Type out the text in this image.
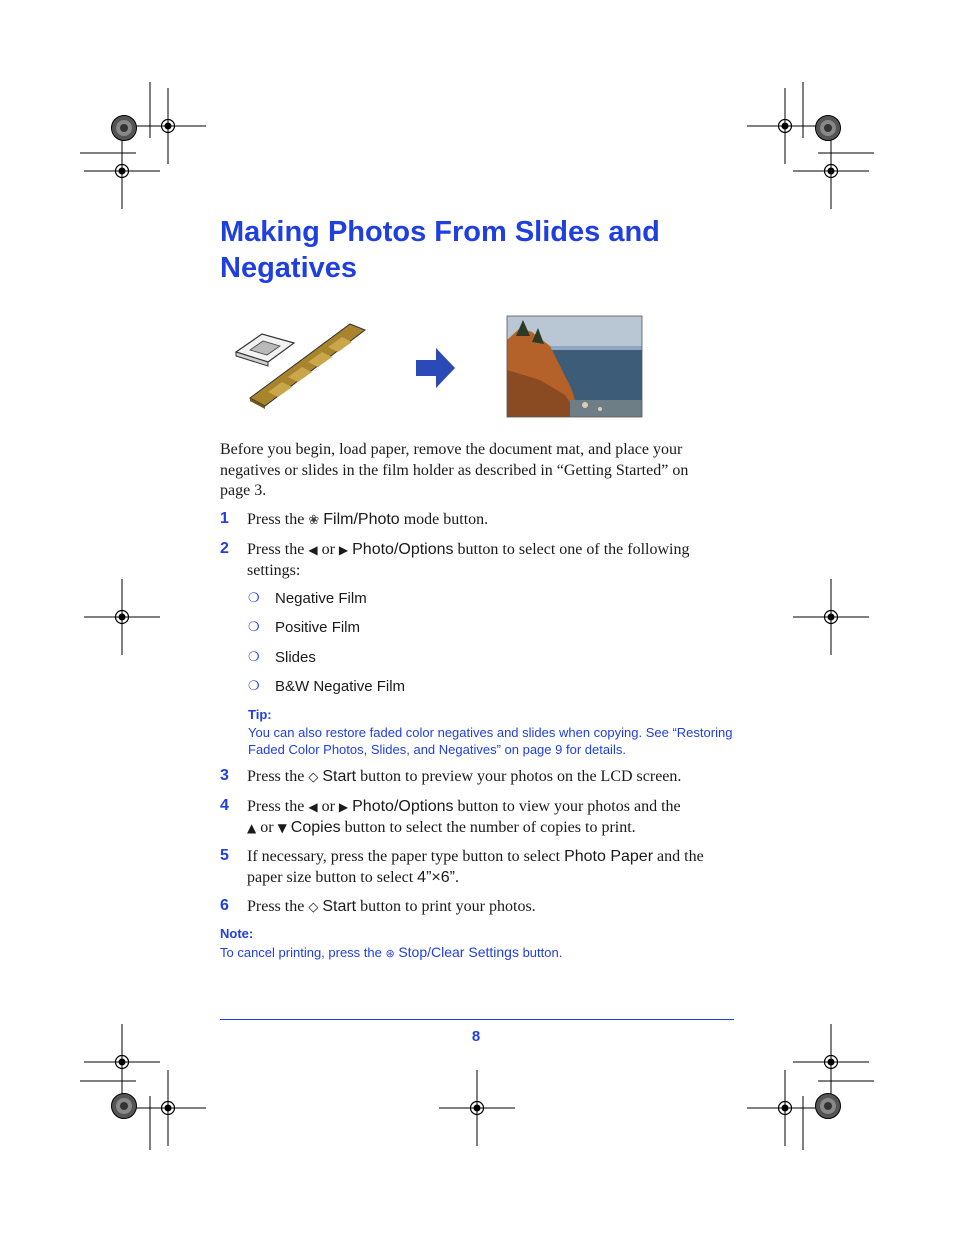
Making Photos From Slides and Negatives
Before you begin, load paper, remove the document mat, and place your negatives or slides in the film holder as described in “Getting Started” on page 3.
1 Press the ❀ Film/Photo mode button.
2 Press the ◀ or ▶ Photo/Options button to select one of the following settings:
❍ Negative Film
❍ Positive Film
❍ Slides
❍ B&W Negative Film
Tip:
You can also restore faded color negatives and slides when copying. See “Restoring Faded Color Photos, Slides, and Negatives” on page 9 for details.
3 Press the ◇ Start button to preview your photos on the LCD screen.
4 Press the ◀ or ▶ Photo/Options button to view your photos and the
▲ or ▼ Copies button to select the number of copies to print.
5 If necessary, press the paper type button to select Photo Paper and the paper size button to select 4”×6”.
6 Press the ◇ Start button to print your photos.
Note:
To cancel printing, press the ⊛ Stop/Clear Settings button.
8
